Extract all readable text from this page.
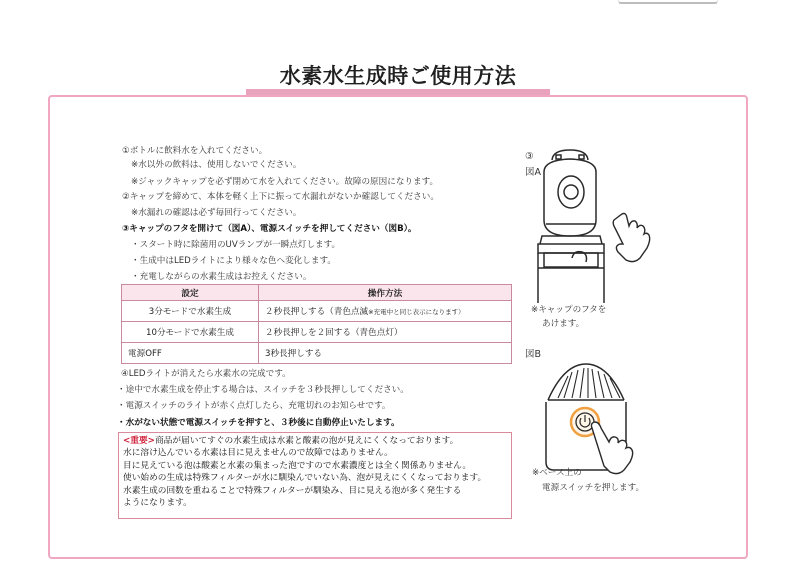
水素水生成時ご使用方法
①ボトルに飲料水を入れてください。
※水以外の飲料は、使用しないでください。
※ジャックキャップを必ず閉めて水を入れてください。故障の原因になります。
②キャップを締めて、本体を軽く上下に振って水漏れがないか確認してください。
※水漏れの確認は必ず毎回行ってください。
③キャップのフタを開けて（図A）、電源スイッチを押してください（図B）。
・スタート時に除菌用のUVランプが一瞬点灯します。
・生成中はLEDライトにより様々な色へ変化します。
・充電しながらの水素生成はお控えください。
設定	操作方法
3分モードで水素生成	２秒長押しする（青色点滅※充電中と同じ表示になります）
10分モードで水素生成	２秒長押しを２回する（青色点灯）
電源OFF	3秒長押しする
④LEDライトが消えたら水素水の完成です。
・途中で水素生成を停止する場合は、スイッチを３秒長押ししてください。
・電源スイッチのライトが赤く点灯したら、充電切れのお知らせです。
・水がない状態で電源スイッチを押すと、３秒後に自動停止いたします。
<重要>商品が届いてすぐの水素生成は水素と酸素の泡が見えにくくなっております。
水に溶け込んでいる水素は目に見えませんので故障ではありません。
目に見えている泡は酸素と水素の集まった泡ですので水素濃度とは全く関係ありません。
使い始めの生成は特殊フィルターが水に馴染んでいない為、泡が見えにくくなっております。
水素生成の回数を重ねることで特殊フィルターが馴染み、目に見える泡が多く発生する
ようになります。
③
図A
※キャップのフタを
あけます。
図B
※ベース上の
電源スイッチを押します。
